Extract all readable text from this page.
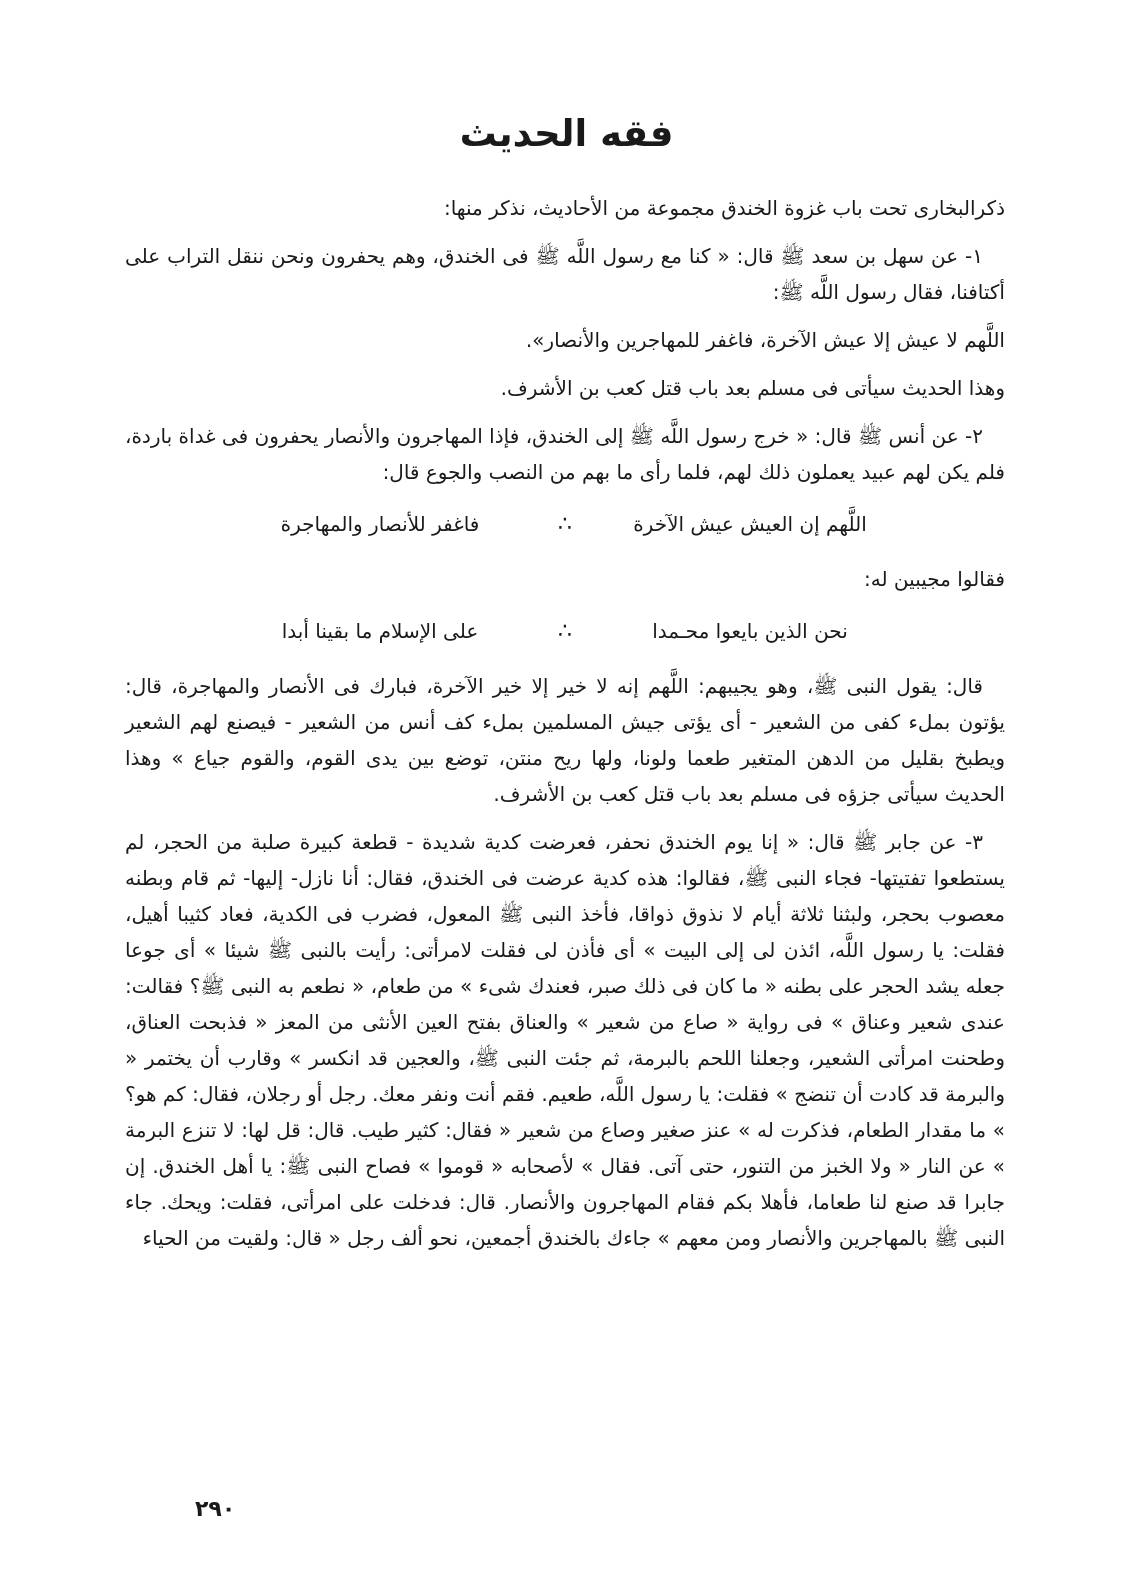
فقه الحديث

ذكرالبخارى تحت باب غزوة الخندق مجموعة من الأحاديث، نذكر منها:

١- عن سهل بن سعد ﷺ قال: « كنا مع رسول اللَّه ﷺ فى الخندق، وهم يحفرون ونحن ننقل التراب على أكتافنا، فقال رسول اللَّه ﷺ:

اللَّهم لا عيش إلا عيش الآخرة، فاغفر للمهاجرين والأنصار».

وهذا الحديث سيأتى فى مسلم بعد باب قتل كعب بن الأشرف.

٢- عن أنس ﷺ قال: « خرج رسول اللَّه ﷺ إلى الخندق، فإذا المهاجرون والأنصار يحفرون فى غداة باردة، فلم يكن لهم عبيد يعملون ذلك لهم، فلما رأى ما بهم من النصب والجوع قال:

اللَّهم إن العيش عيش الآخرة
∴
فاغفر للأنصار والمهاجرة

فقالوا مجيبين له:

نحن الذين بايعوا محـمدا
∴
على الإسلام ما بقينا أبدا

قال: يقول النبى ﷺ، وهو يجيبهم: اللَّهم إنه لا خير إلا خير الآخرة، فبارك فى الأنصار والمهاجرة، قال: يؤتون بملء كفى من الشعير - أى يؤتى جيش المسلمين بملء كف أنس من الشعير - فيصنع لهم الشعير ويطبخ بقليل من الدهن المتغير طعما ولونا، ولها ريح منتن، توضع بين يدى القوم، والقوم جياع » وهذا الحديث سيأتى جزؤه فى مسلم بعد باب قتل كعب بن الأشرف.

٣- عن جابر ﷺ قال: « إنا يوم الخندق نحفر، فعرضت كدية شديدة - قطعة كبيرة صلبة من الحجر، لم يستطعوا تفتيتها- فجاء النبى ﷺ، فقالوا: هذه كدية عرضت فى الخندق، فقال: أنا نازل- إليها- ثم قام وبطنه معصوب بحجر، ولبثنا ثلاثة أيام لا نذوق ذواقا، فأخذ النبى ﷺ المعول، فضرب فى الكدية، فعاد كثيبا أهيل، فقلت: يا رسول اللَّه، ائذن لى إلى البيت » أى فأذن لى فقلت لامرأتى: رأيت بالنبى ﷺ شيئا » أى جوعا جعله يشد الحجر على بطنه « ما كان فى ذلك صبر، فعندك شىء » من طعام، « نطعم به النبى ﷺ؟ فقالت: عندى شعير وعناق » فى رواية « صاع من شعير » والعناق بفتح العين الأنثى من المعز « فذبحت العناق، وطحنت امرأتى الشعير، وجعلنا اللحم بالبرمة، ثم جئت النبى ﷺ، والعجين قد انكسر » وقارب أن يختمر « والبرمة قد كادت أن تنضج » فقلت: يا رسول اللَّه، طعيم. فقم أنت ونفر معك. رجل أو رجلان، فقال: كم هو؟ » ما مقدار الطعام، فذكرت له » عنز صغير وصاع من شعير « فقال: كثير طيب. قال: قل لها: لا تنزع البرمة » عن النار « ولا الخبز من التنور، حتى آتى. فقال » لأصحابه « قوموا » فصاح النبى ﷺ: يا أهل الخندق. إن جابرا قد صنع لنا طعاما، فأهلا بكم فقام المهاجرون والأنصار. قال: فدخلت على امرأتى، فقلت: ويحك. جاء النبى ﷺ بالمهاجرين والأنصار ومن معهم » جاءك بالخندق أجمعين، نحو ألف رجل « قال: ولقيت من الحياء

٢٩٠
